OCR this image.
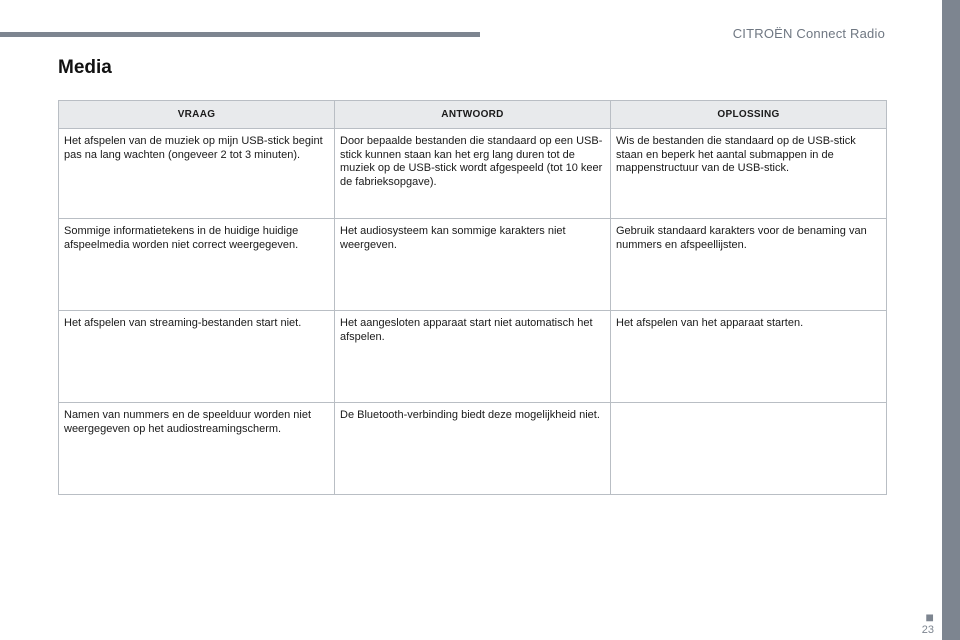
CITROËN Connect Radio
Media
VRAAG	ANTWOORD	OPLOSSING
Het afspelen van de muziek op mijn USB-stick begint pas na lang wachten (ongeveer 2 tot 3 minuten).	Door bepaalde bestanden die standaard op een USB-stick kunnen staan kan het erg lang duren tot de muziek op de USB-stick wordt afgespeeld (tot 10 keer de fabrieksopgave).	Wis de bestanden die standaard op de USB-stick staan en beperk het aantal submappen in de mappenstructuur van de USB-stick.
Sommige informatietekens in de huidige huidige afspeelmedia worden niet correct weergegeven.	Het audiosysteem kan sommige karakters niet weergeven.	Gebruik standaard karakters voor de benaming van nummers en afspeellijsten.
Het afspelen van streaming-bestanden start niet.	Het aangesloten apparaat start niet automatisch het afspelen.	Het afspelen van het apparaat starten.
Namen van nummers en de speelduur worden niet weergegeven op het audiostreamingscherm.	De Bluetooth-verbinding biedt deze mogelijkheid niet.	
■
23
